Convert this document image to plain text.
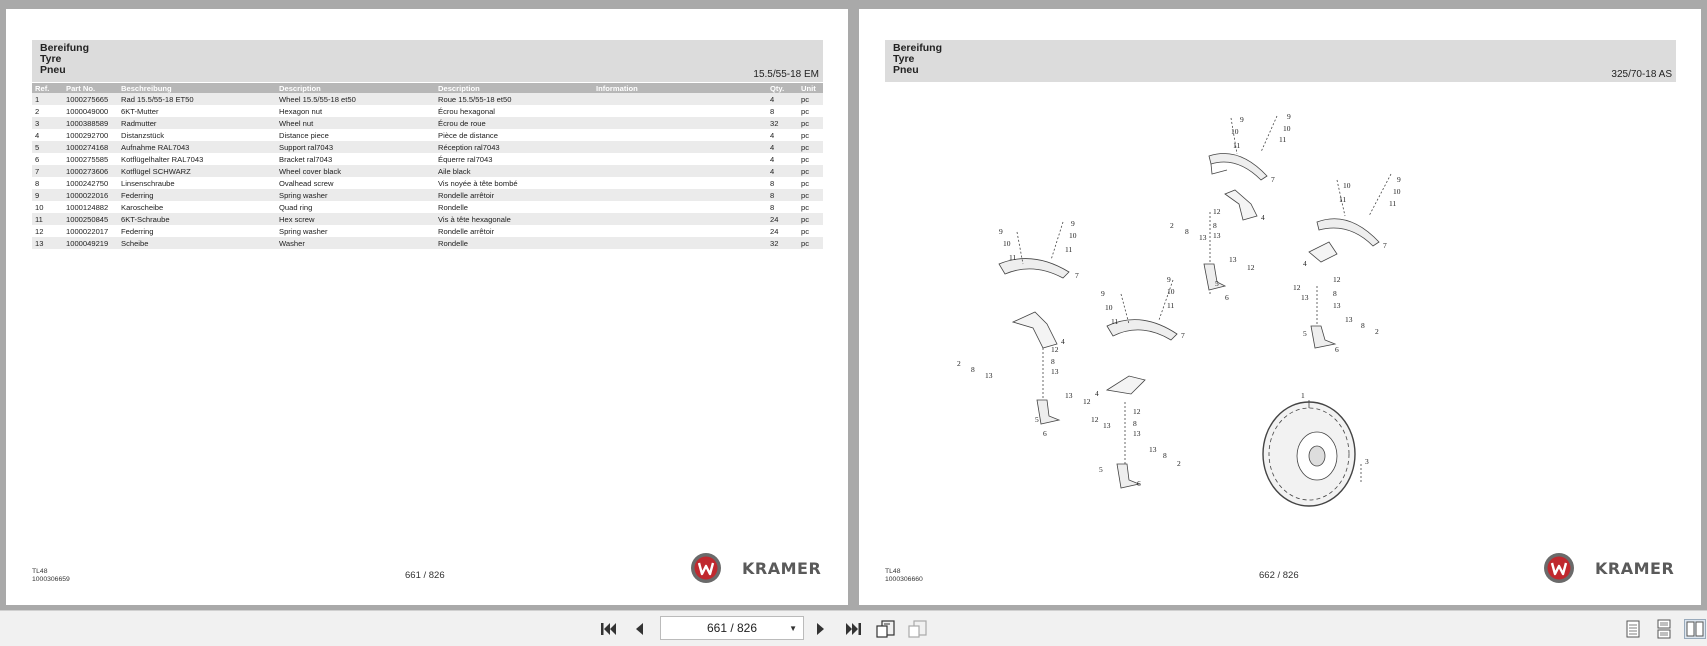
Bereifung
Tyre
Pneu	15.5/55-18 EM
Ref.	Part No.	Beschreibung	Description	Description	Information	Qty.	Unit
1	1000275665	Rad 15.5/55-18 ET50	Wheel 15.5/55-18 et50	Roue 15.5/55-18 et50		4	pc
2	1000049000	6KT-Mutter	Hexagon nut	Écrou hexagonal		8	pc
3	1000388589	Radmutter	Wheel nut	Écrou de roue		32	pc
4	1000292700	Distanzstück	Distance piece	Pièce de distance		4	pc
5	1000274168	Aufnahme RAL7043	Support ral7043	Réception ral7043		4	pc
6	1000275585	Kotflügelhalter RAL7043	Bracket ral7043	Équerre ral7043		4	pc
7	1000273606	Kotflügel SCHWARZ	Wheel cover black	Aile black		4	pc
8	1000242750	Linsenschraube	Ovalhead screw	Vis noyée à tête bombé		8	pc
9	1000022016	Federring	Spring washer	Rondelle arrêtoir		8	pc
10	1000124882	Karoscheibe	Quad ring	Rondelle		8	pc
11	1000250845	6KT-Schraube	Hex screw	Vis à tête hexagonale		24	pc
12	1000022017	Federring	Spring washer	Rondelle arrêtoir		24	pc
13	1000049219	Scheibe	Washer	Rondelle		32	pc
TL48
1000306659	661 / 826	KRAMER
Bereifung
Tyre
Pneu	325/70-18 AS
9
10
11
9
10
11
7
4
2
8
13
12
8
13
13
12
5
6
10
11
9
10
11
7
4
12
12
13	8
13
13
8
2
5
6
9
10
11
9
10
11
7
4
12
8
13
2
8
13
13
12
5
6
9
10
11
9
10
11
7
4
12
8
13
12
13
13
8
2
5
6
1
3
TL48
1000306660	662 / 826	KRAMER
661 / 826	▼
